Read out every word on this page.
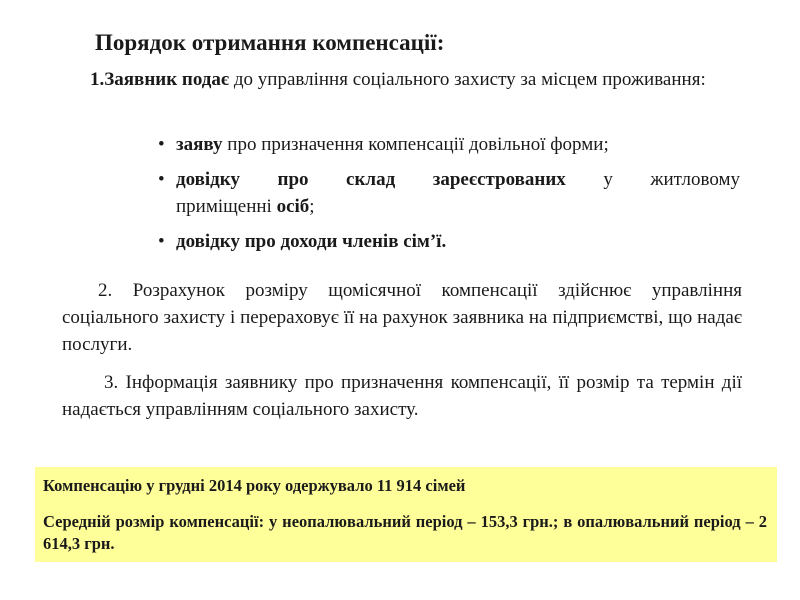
Порядок отримання компенсації:
1.Заявник подає до управління соціального захисту за місцем проживання:
• заяву про призначення компенсації довільної форми;
• довідку про склад зареєстрованих у житловому
приміщенні осіб;
• довідку про доходи членів сім’ї.
2. Розрахунок розміру щомісячної компенсації здійснює управління соціального захисту і перераховує її на рахунок заявника на підприємстві, що надає послуги.
3. Інформація заявнику про призначення компенсації, її розмір та термін дії надається управлінням соціального захисту.
Компенсацію у грудні 2014 року одержувало 11 914 сімей
Середній розмір компенсації: у неопалювальний період – 153,3 грн.; в опалювальний період – 2 614,3 грн.
